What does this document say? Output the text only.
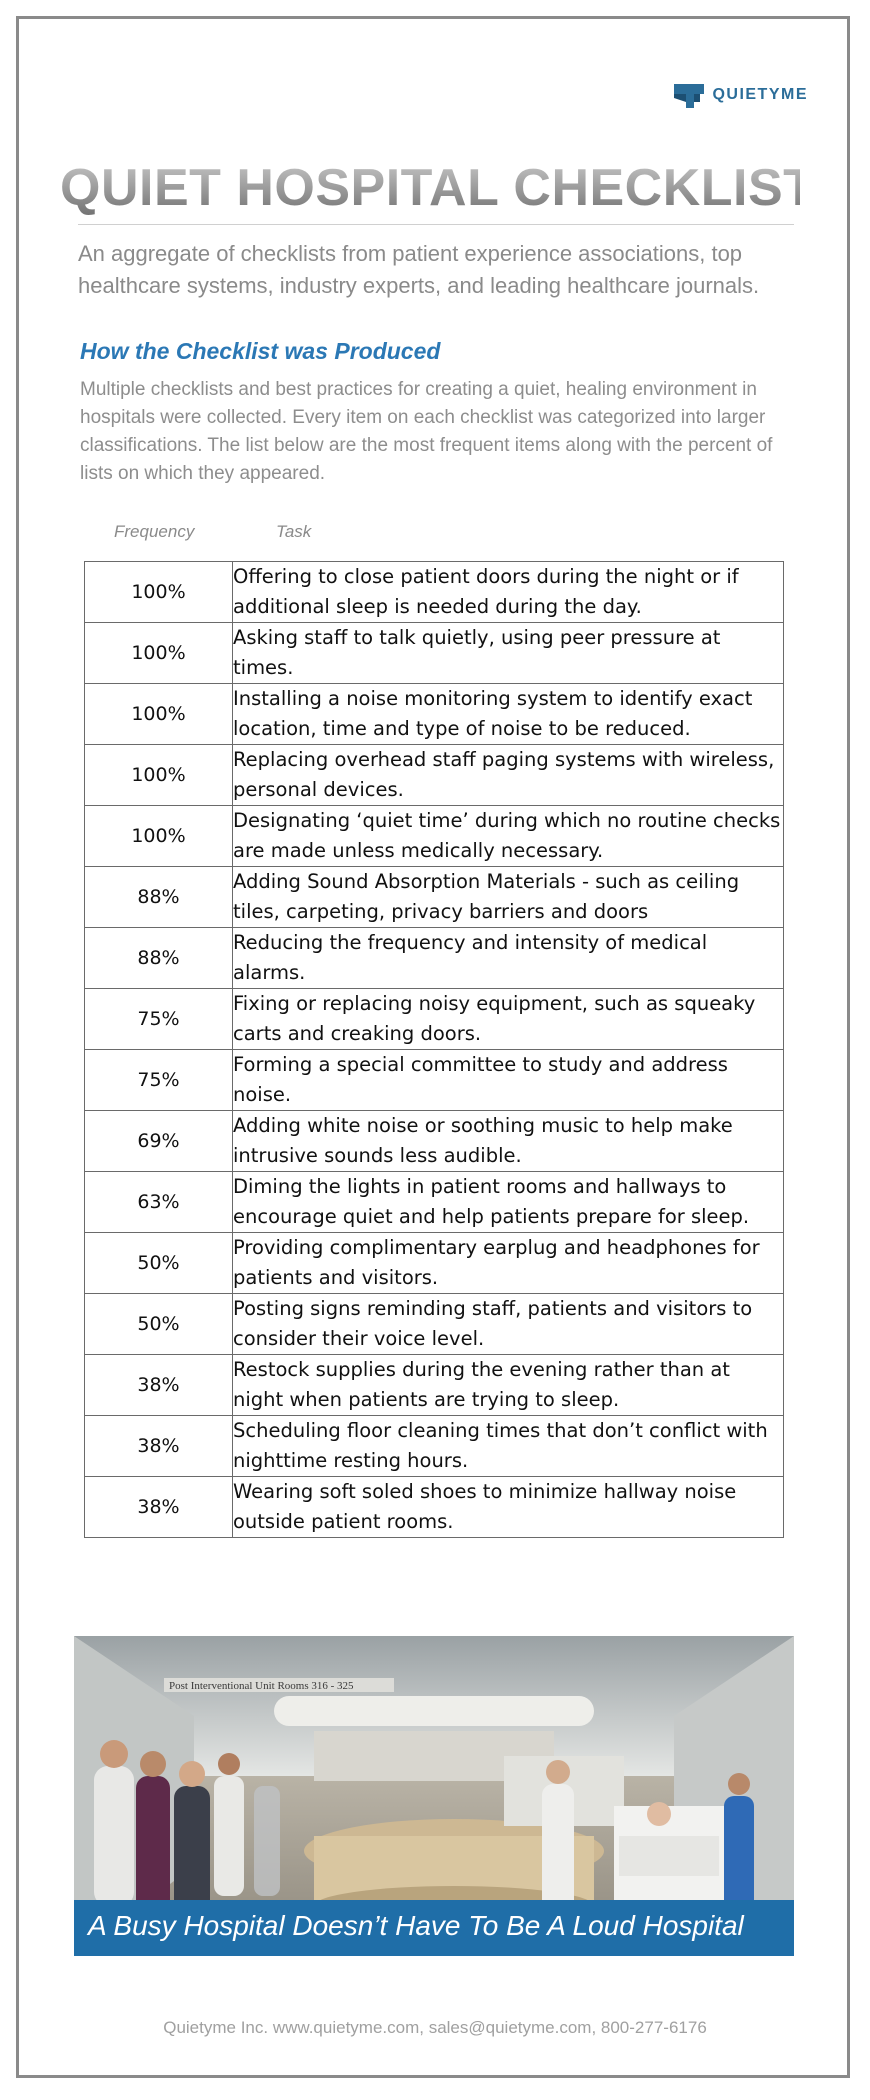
QUIETYME
QUIET HOSPITAL CHECKLIST

An aggregate of checklists from patient experience associations, top healthcare systems, industry experts, and leading healthcare journals.

How the Checklist was Produced

Multiple checklists and best practices for creating a quiet, healing environment in hospitals were collected. Every item on each checklist was categorized into larger classifications. The list below are the most frequent items along with the percent of lists on which they appeared.

Frequency	Task
100%	Offering to close patient doors during the night or if additional sleep is needed during the day.
100%	Asking staff to talk quietly, using peer pressure at times.
100%	Installing a noise monitoring system to identify exact location, time and type of noise to be reduced.
100%	Replacing overhead staff paging systems with wireless, personal devices.
100%	Designating ‘quiet time’ during which no routine checks are made unless medically necessary.
88%	Adding Sound Absorption Materials - such as ceiling tiles, carpeting, privacy barriers and doors
88%	Reducing the frequency and intensity of medical alarms.
75%	Fixing or replacing noisy equipment, such as squeaky carts and creaking doors.
75%	Forming a special committee to study and address noise.
69%	Adding white noise or soothing music to help make intrusive sounds less audible.
63%	Diming the lights in patient rooms and hallways to encourage quiet and help patients prepare for sleep.
50%	Providing complimentary earplug and headphones for patients and visitors.
50%	Posting signs reminding staff, patients and visitors to consider their voice level.
38%	Restock supplies during the evening rather than at night when patients are trying to sleep.
38%	Scheduling floor cleaning times that don’t conflict with nighttime resting hours.
38%	Wearing soft soled shoes to minimize hallway noise outside patient rooms.
Post Interventional Unit Rooms 316 - 325
A Busy Hospital Doesn’t Have To Be A Loud Hospital
Quietyme Inc. www.quietyme.com, sales@quietyme.com, 800-277-6176
